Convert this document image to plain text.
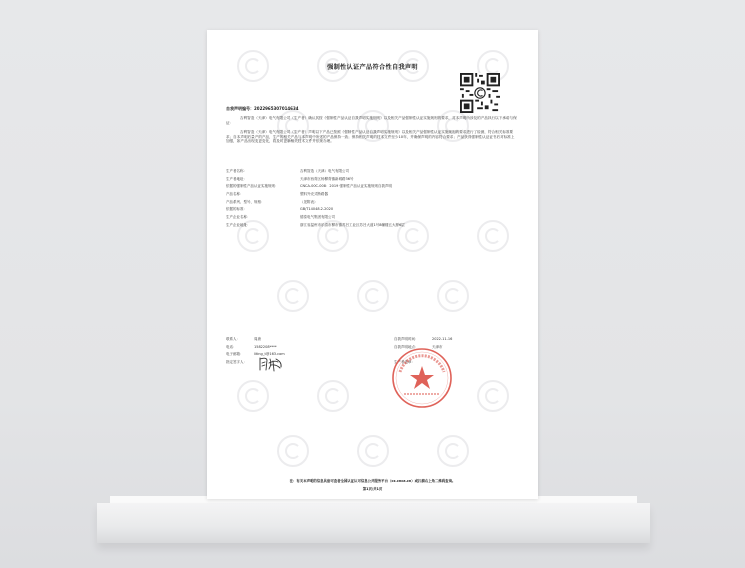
强制性认证产品符合性自我声明
自我声明编号：2022965307014634
吉利智造（天津）电气有限公司（生产者）确认其按《强制性产品认证自我声明实施细则》以及相关产品强制性认证实施规则的要求，对本声明所涉及的产品执行以下承诺与保证：
吉利智造（天津）电气有限公司（生产者）声明以下产品已按照《强制性产品认证自我声明实施规则》以及相关产品强制性认证实施规则的要求进行了检测，符合相关标准要求；自本声明后量产的产品，生产的相关产品与本声明中所述的产品保持一致；保持相关声明的技术文件至少10年，并确保声明的内容符合要求；产品获得强制性认证证书后对标准上加强，如产品出现变更变化，将及时更新相关技术文件并依规办理。
生产者名称：	吉利智造（天津）电气有限公司
生产者地址：	天津市西青区杨柳青镇新城路36号
依据的强制性产品认证实施规则：	CNCA-00C-008：2019 强制性产品认证实施规则自我声明
产品名称：	塑料外壳式断路器
产品系列、型号、规格：	（见附表）
依据的标准：	GB/T14048.2-2020
生产企业名称：	德泰电气集团有限公司
生产企业地址：	浙江省温州市乐清市柳市镇苏吕工业区苏吕大道1号8幢楼五大厦6层
联系人：	周唐	自我声明时间：	2022-11-16
电话：	1582208****	自我声明地点：	天津市
电子邮箱：	liting_t@163.com
指定签字人：	生产者盖章：
注：有关本声明的信息具备可查者全国认证认可信息公共服务平台（cx.cnca.cn）或扫描右上角二维码查询。
第1页/共1页
